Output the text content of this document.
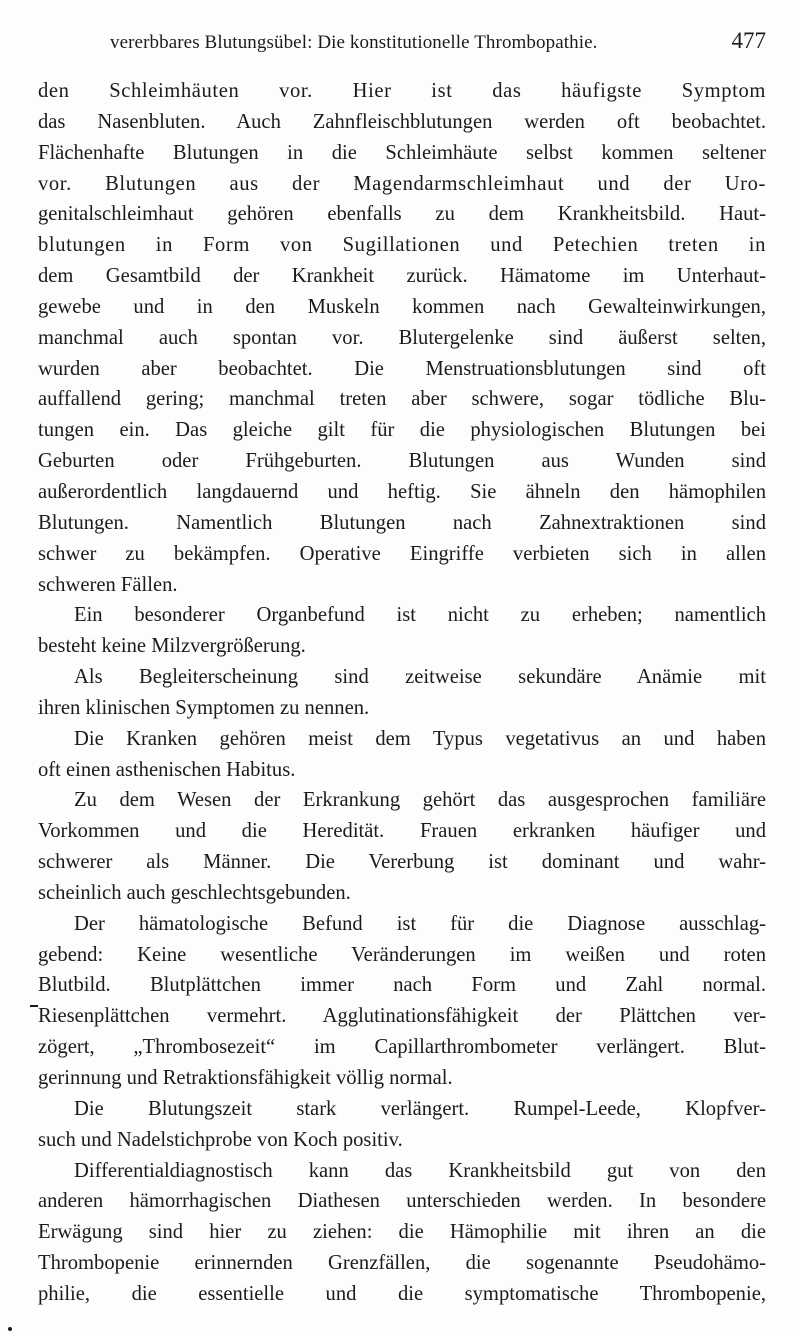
vererbbares Blutungsübel: Die konstitutionelle Thrombopathie.	477
den Schleimhäuten vor. Hier ist das häufigste Symptom
das Nasenbluten. Auch Zahnfleischblutungen werden oft beobachtet.
Flächenhafte Blutungen in die Schleimhäute selbst kommen seltener
vor. Blutungen aus der Magendarmschleimhaut und der Uro-
genitalschleimhaut gehören ebenfalls zu dem Krankheitsbild. Haut-
blutungen in Form von Sugillationen und Petechien treten in
dem Gesamtbild der Krankheit zurück. Hämatome im Unterhaut-
gewebe und in den Muskeln kommen nach Gewalteinwirkungen,
manchmal auch spontan vor. Blutergelenke sind äußerst selten,
wurden aber beobachtet. Die Menstruationsblutungen sind oft
auffallend gering; manchmal treten aber schwere, sogar tödliche Blu-
tungen ein. Das gleiche gilt für die physiologischen Blutungen bei
Geburten oder Frühgeburten. Blutungen aus Wunden sind
außerordentlich langdauernd und heftig. Sie ähneln den hämophilen
Blutungen. Namentlich Blutungen nach Zahnextraktionen sind
schwer zu bekämpfen. Operative Eingriffe verbieten sich in allen
schweren Fällen.
Ein besonderer Organbefund ist nicht zu erheben; namentlich
besteht keine Milzvergrößerung.
Als Begleiterscheinung sind zeitweise sekundäre Anämie mit
ihren klinischen Symptomen zu nennen.
Die Kranken gehören meist dem Typus vegetativus an und haben
oft einen asthenischen Habitus.
Zu dem Wesen der Erkrankung gehört das ausgesprochen familiäre
Vorkommen und die Heredität. Frauen erkranken häufiger und
schwerer als Männer. Die Vererbung ist dominant und wahr-
scheinlich auch geschlechtsgebunden.
Der hämatologische Befund ist für die Diagnose ausschlag-
gebend: Keine wesentliche Veränderungen im weißen und roten
Blutbild. Blutplättchen immer nach Form und Zahl normal.
Riesenplättchen vermehrt. Agglutinationsfähigkeit der Plättchen ver-
zögert, „Thrombosezeit“ im Capillarthrombometer verlängert. Blut-
gerinnung und Retraktionsfähigkeit völlig normal.
Die Blutungszeit stark verlängert. Rumpel-Leede, Klopfver-
such und Nadelstichprobe von Koch positiv.
Differentialdiagnostisch kann das Krankheitsbild gut von den
anderen hämorrhagischen Diathesen unterschieden werden. In besondere
Erwägung sind hier zu ziehen: die Hämophilie mit ihren an die
Thrombopenie erinnernden Grenzfällen, die sogenannte Pseudohämo-
philie, die essentielle und die symptomatische Thrombopenie,
